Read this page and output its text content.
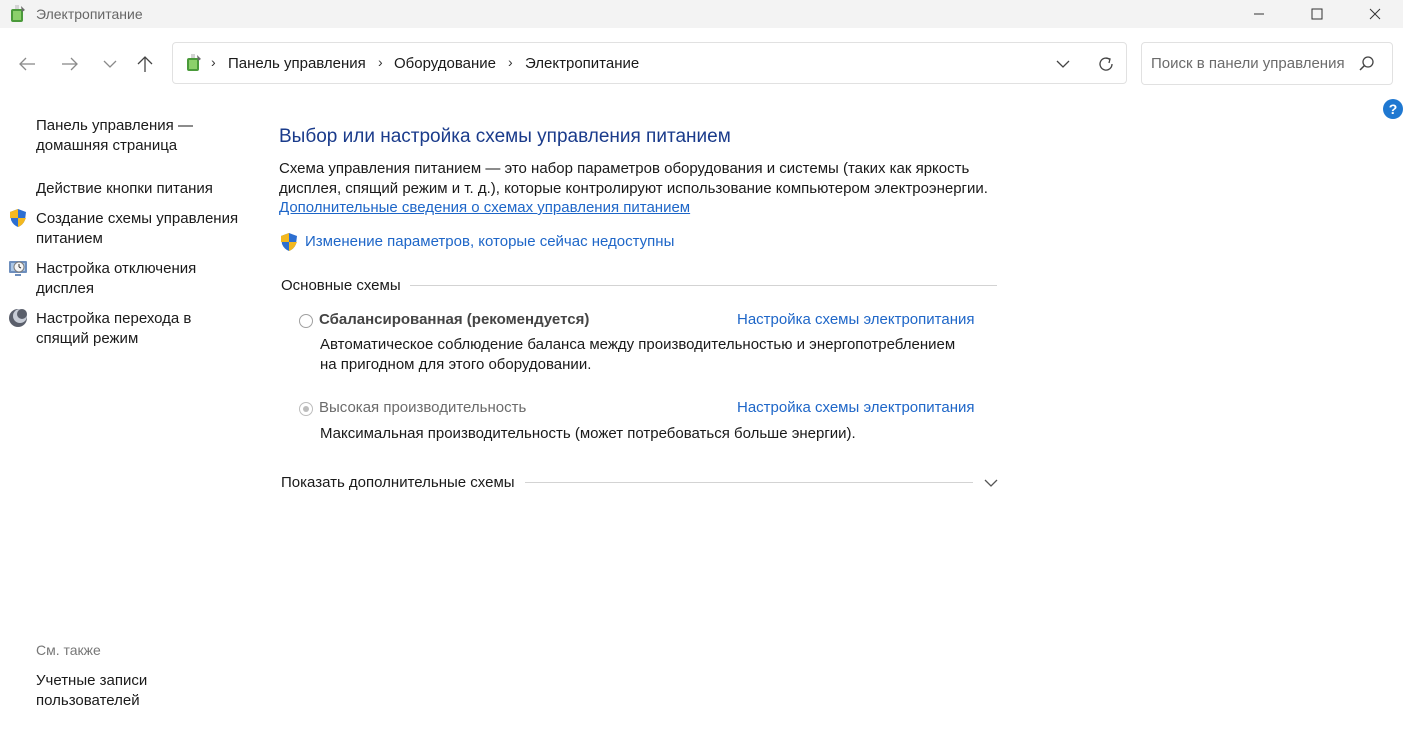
Электропитание
› Панель управления › Оборудование › Электропитание	Поиск в панели управления
?
Панель управления —
домашняя страница
Действие кнопки питания
Создание схемы управления
питанием
Настройка отключения
дисплея
Настройка перехода в
спящий режим
См. также
Учетные записи
пользователей
Выбор или настройка схемы управления питанием
Схема управления питанием — это набор параметров оборудования и системы (таких как яркость
дисплея, спящий режим и т. д.), которые контролируют использование компьютером электроэнергии.
Дополнительные сведения о схемах управления питанием
Изменение параметров, которые сейчас недоступны
Основные схемы
Сбалансированная (рекомендуется)	Настройка схемы электропитания
Автоматическое соблюдение баланса между производительностью и энергопотреблением
на пригодном для этого оборудовании.
Высокая производительность	Настройка схемы электропитания
Максимальная производительность (может потребоваться больше энергии).
Показать дополнительные схемы
